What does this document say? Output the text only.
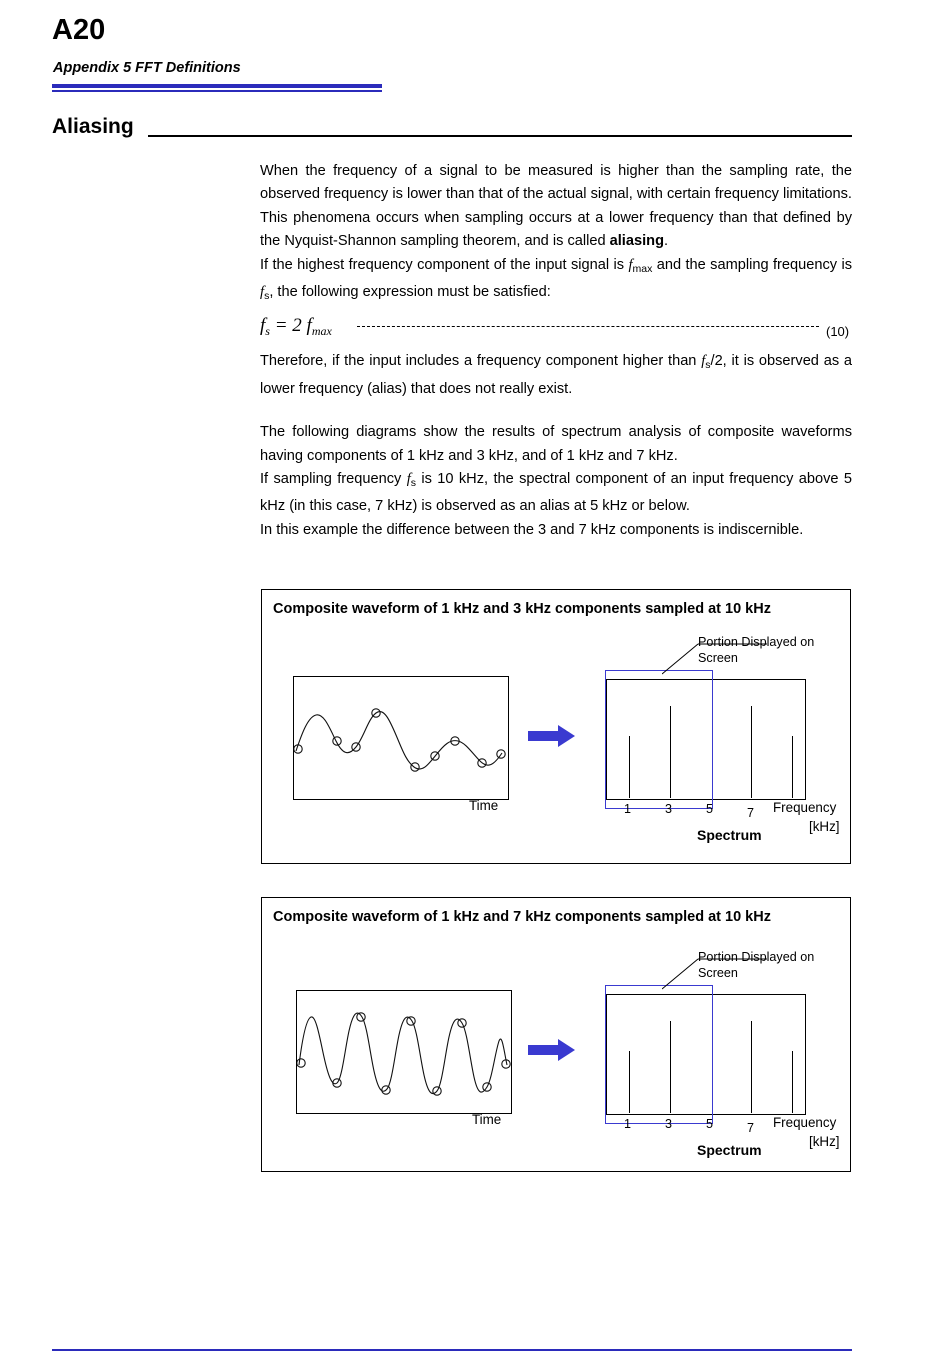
A20
Appendix 5 FFT Definitions
Aliasing

When the frequency of a signal to be measured is higher than the sampling rate, the observed frequency is lower than that of the actual signal, with certain frequency limitations. This phenomena occurs when sampling occurs at a lower frequency than that defined by the Nyquist-Shannon sampling theorem, and is called aliasing.

If the highest frequency component of the input signal is $f_{max}$ and the sampling frequency is $f_s$, the following expression must be satisfied:

$f_s = 2$ $f_{max}$	(10)

Therefore, if the input includes a frequency component higher than $f_s/2$, it is observed as a lower frequency (alias) that does not really exist.

The following diagrams show the results of spectrum analysis of composite waveforms having components of 1 kHz and 3 kHz, and of 1 kHz and 7 kHz.

If sampling frequency $f_s$ is 10 kHz, the spectral component of an input frequency above 5 kHz (in this case, 7 kHz) is observed as an alias at 5 kHz or below.

In this example the difference between the 3 and 7 kHz components is indiscernible.

Composite waveform of 1 kHz and 3 kHz components sampled at 10 kHz
Time
Portion Displayed on Screen
1	3	5	7 Frequency
[kHz]
Spectrum
Composite waveform of 1 kHz and 7 kHz components sampled at 10 kHz
Time
Portion Displayed on Screen
1	3	5	7 Frequency
[kHz]
Spectrum
